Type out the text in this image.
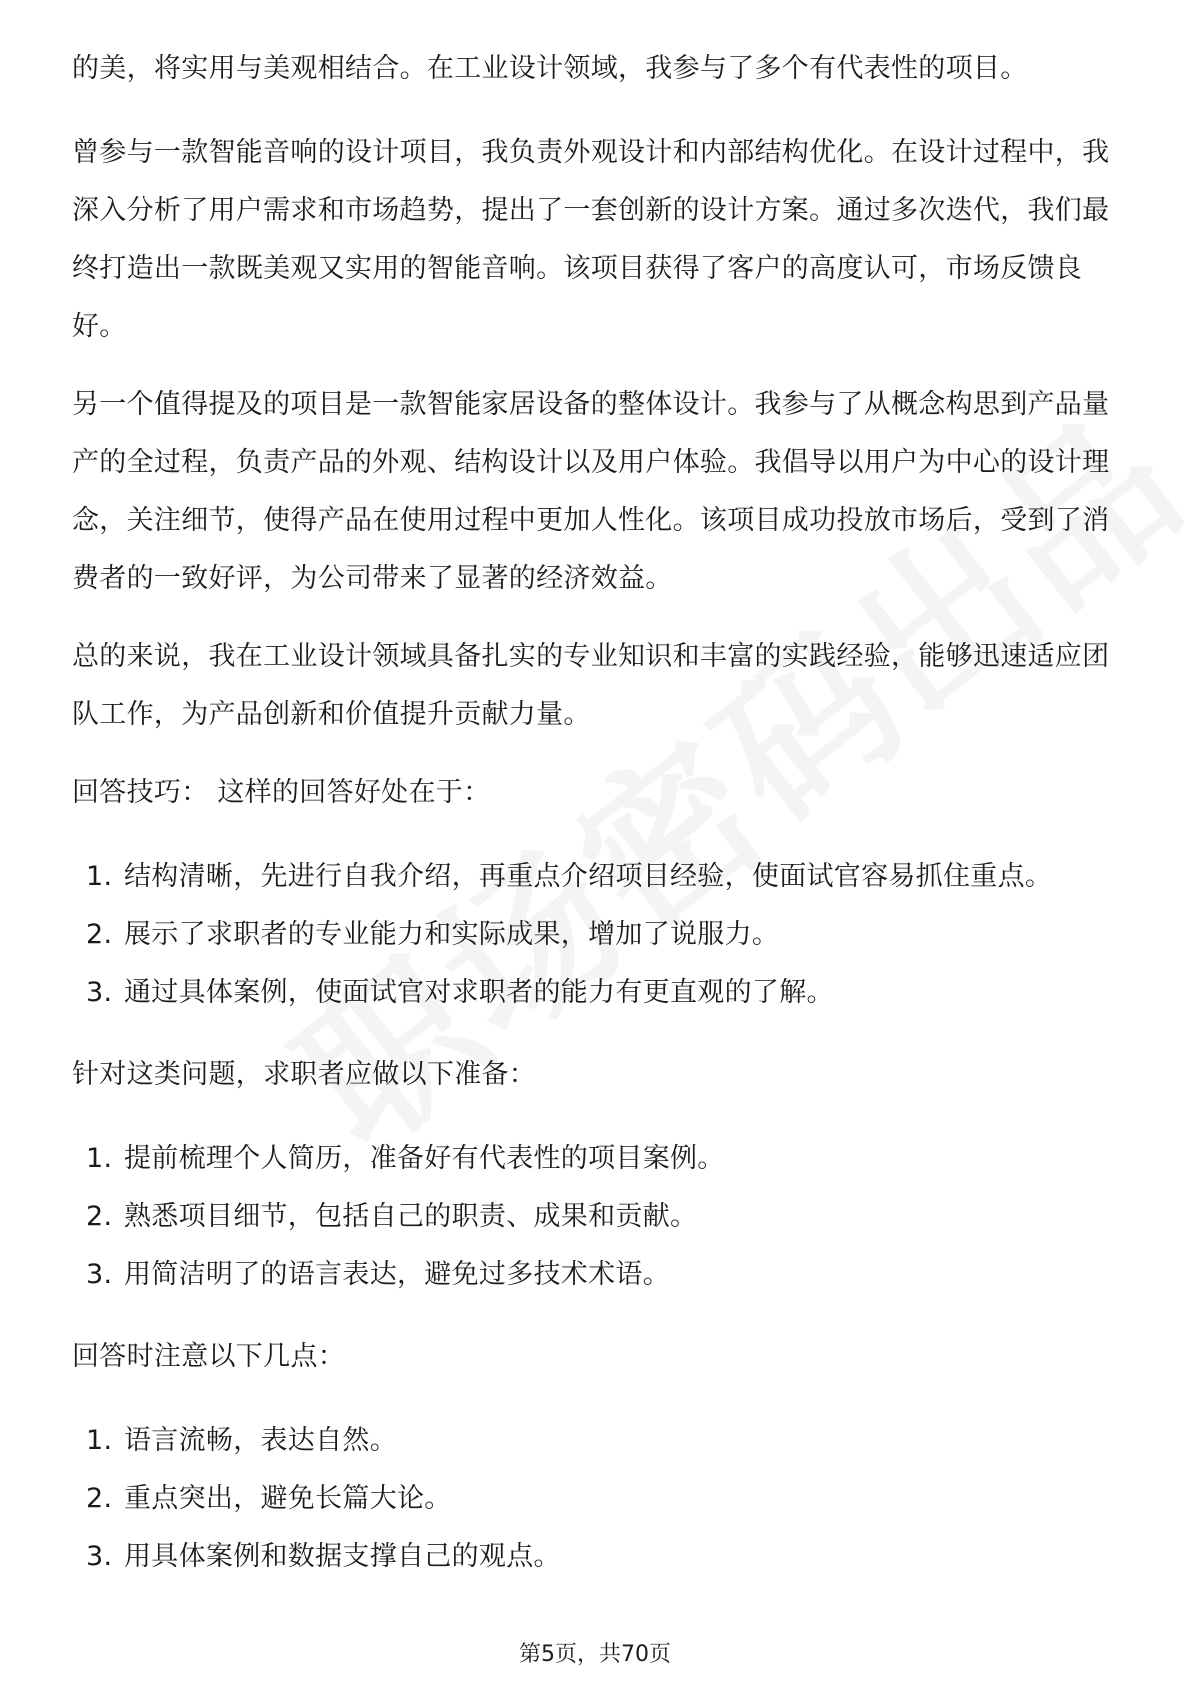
的美，将实用与美观相结合。在工业设计领域，我参与了多个有代表性的项目。

曾参与一款智能音响的设计项目，我负责外观设计和内部结构优化。在设计过程中，我深入分析了用户需求和市场趋势，提出了一套创新的设计方案。通过多次迭代，我们最终打造出一款既美观又实用的智能音响。该项目获得了客户的高度认可，市场反馈良好。

另一个值得提及的项目是一款智能家居设备的整体设计。我参与了从概念构思到产品量产的全过程，负责产品的外观、结构设计以及用户体验。我倡导以用户为中心的设计理念，关注细节，使得产品在使用过程中更加人性化。该项目成功投放市场后，受到了消费者的一致好评，为公司带来了显著的经济效益。

总的来说，我在工业设计领域具备扎实的专业知识和丰富的实践经验，能够迅速适应团队工作，为产品创新和价值提升贡献力量。

回答技巧： 这样的回答好处在于：

1. 结构清晰，先进行自我介绍，再重点介绍项目经验，使面试官容易抓住重点。
2. 展示了求职者的专业能力和实际成果，增加了说服力。
3. 通过具体案例，使面试官对求职者的能力有更直观的了解。

针对这类问题，求职者应做以下准备：

1. 提前梳理个人简历，准备好有代表性的项目案例。
2. 熟悉项目细节，包括自己的职责、成果和贡献。
3. 用简洁明了的语言表达，避免过多技术术语。

回答时注意以下几点：

1. 语言流畅，表达自然。
2. 重点突出，避免长篇大论。
3. 用具体案例和数据支撑自己的观点。
第5页，共70页
